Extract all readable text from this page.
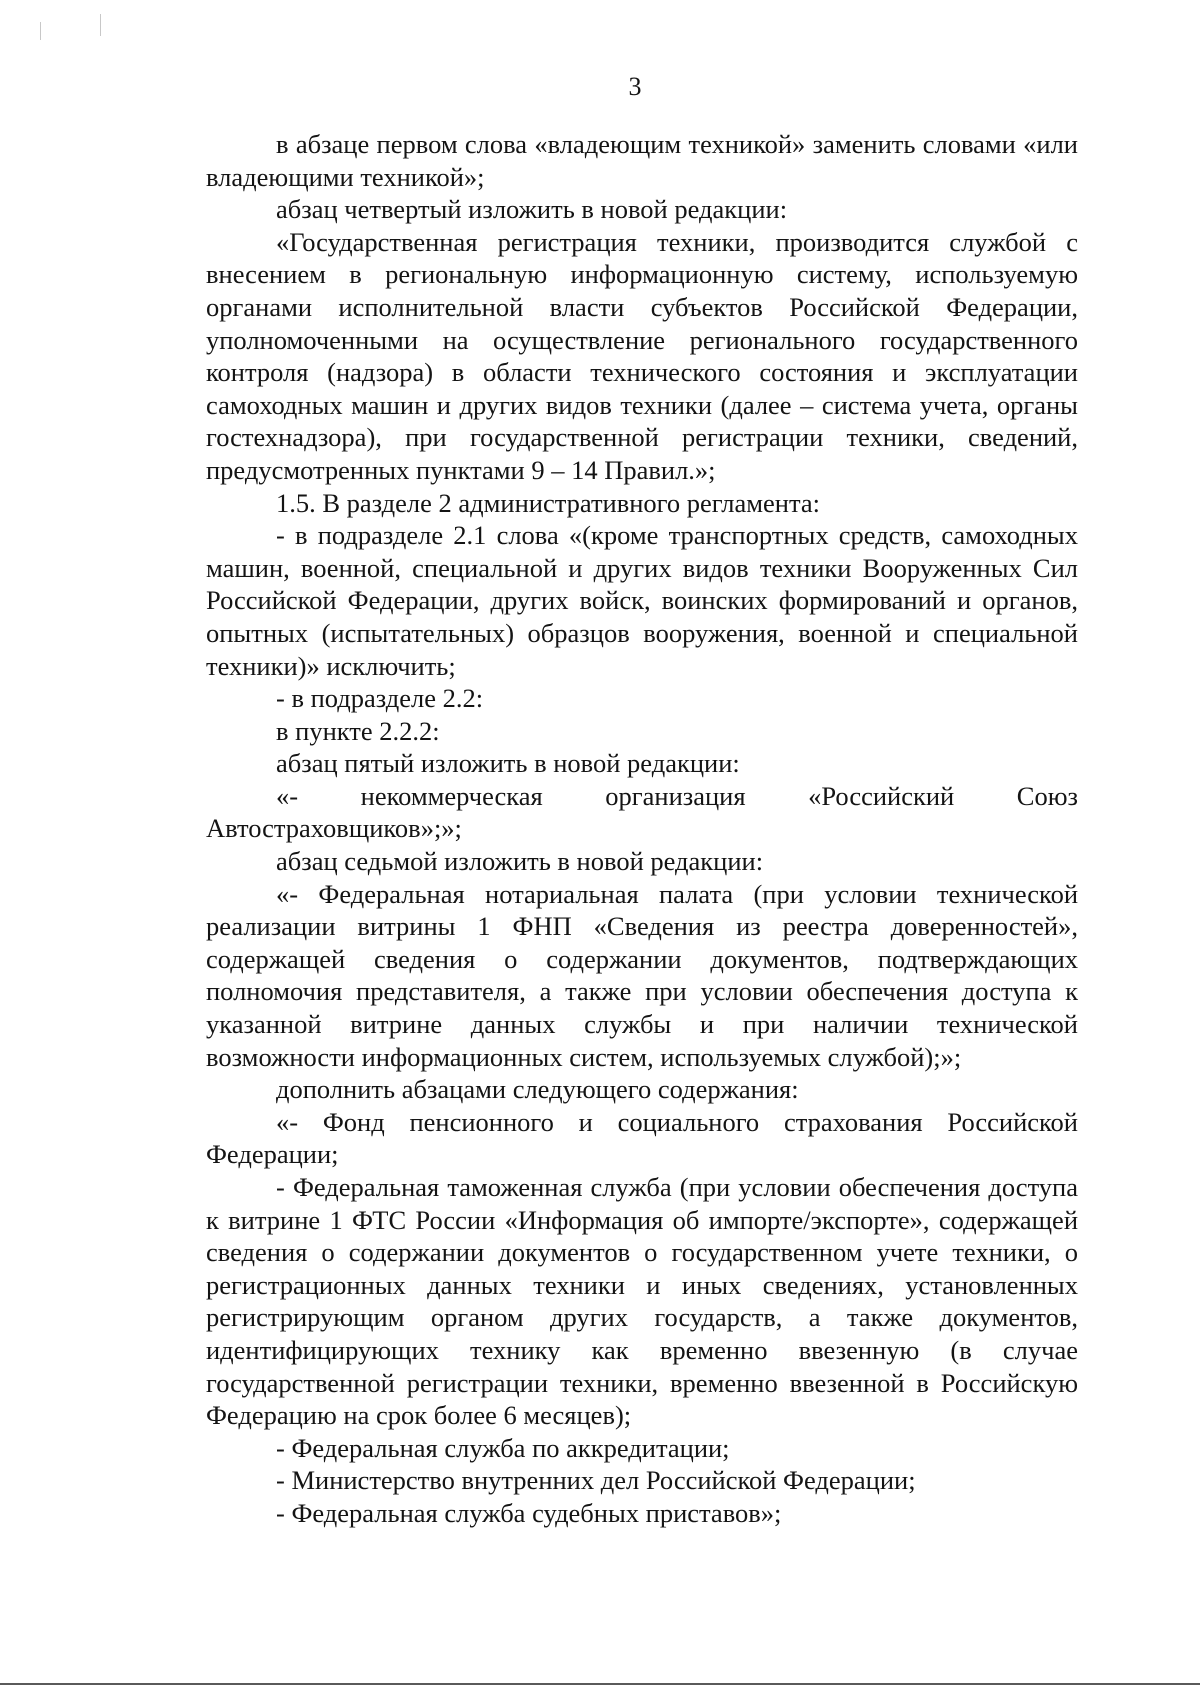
3

в абзаце первом слова «владеющим техникой» заменить словами «или владеющими техникой»;

абзац четвертый изложить в новой редакции:

«Государственная регистрация техники, производится службой с внесением в региональную информационную систему, используемую органами исполнительной власти субъектов Российской Федерации, уполномоченными на осуществление регионального государственного контроля (надзора) в области технического состояния и эксплуатации самоходных машин и других видов техники (далее – система учета, органы гостехнадзора), при государственной регистрации техники, сведений, предусмотренных пунктами 9 – 14 Правил.»;

1.5. В разделе 2 административного регламента:

- в подразделе 2.1 слова «(кроме транспортных средств, самоходных машин, военной, специальной и других видов техники Вооруженных Сил Российской Федерации, других войск, воинских формирований и органов, опытных (испытательных) образцов вооружения, военной и специальной техники)» исключить;

- в подразделе 2.2:

в пункте 2.2.2:

абзац пятый изложить в новой редакции:

«- некоммерческая организация «Российский Союз Автостраховщиков»;»;

абзац седьмой изложить в новой редакции:

«- Федеральная нотариальная палата (при условии технической реализации витрины 1 ФНП «Сведения из реестра доверенностей», содержащей сведения о содержании документов, подтверждающих полномочия представителя, а также при условии обеспечения доступа к указанной витрине данных службы и при наличии технической возможности информационных систем, используемых службой);»;

дополнить абзацами следующего содержания:

«- Фонд пенсионного и социального страхования Российской Федерации;

- Федеральная таможенная служба (при условии обеспечения доступа к витрине 1 ФТС России «Информация об импорте/экспорте», содержащей сведения о содержании документов о государственном учете техники, о регистрационных данных техники и иных сведениях, установленных регистрирующим органом других государств, а также документов, идентифицирующих технику как временно ввезенную (в случае государственной регистрации техники, временно ввезенной в Российскую Федерацию на срок более 6 месяцев);

- Федеральная служба по аккредитации;

- Министерство внутренних дел Российской Федерации;

- Федеральная служба судебных приставов»;
